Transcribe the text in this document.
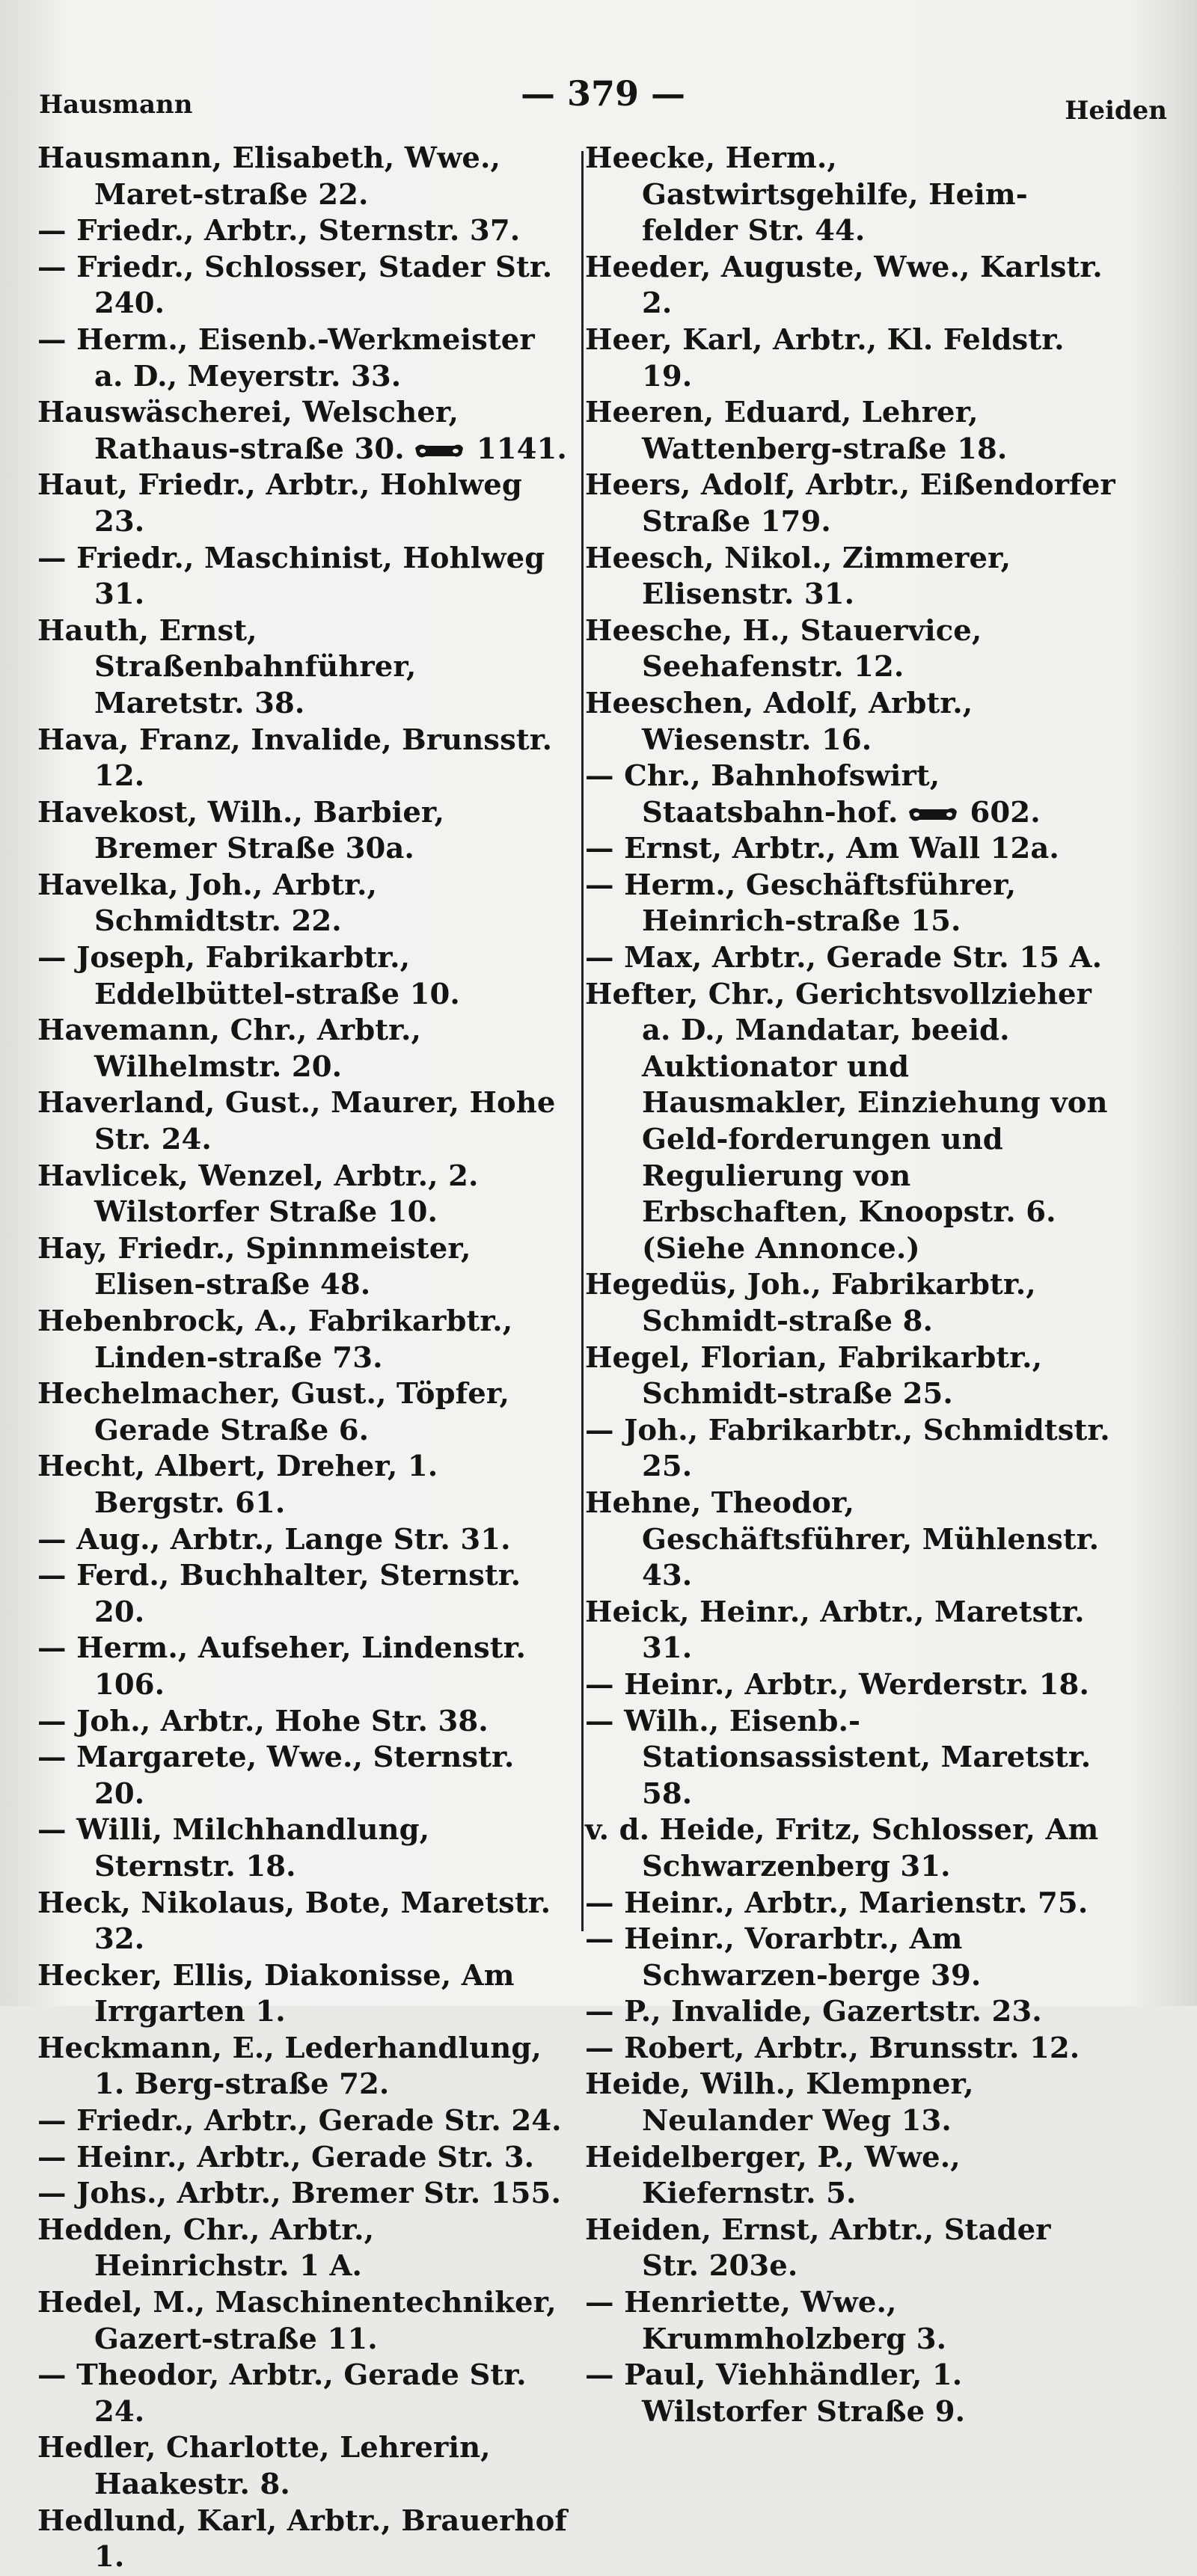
Hausmann	— 379 —	Heiden

Hausmann, Elisabeth, Wwe., Maret-straße 22.

— Friedr., Arbtr., Sternstr. 37.

— Friedr., Schlosser, Stader Str. 240.

— Herm., Eisenb.-Werkmeister a. D., Meyerstr. 33.

Hauswäscherei, Welscher, Rathaus-straße 30. 1141.

Haut, Friedr., Arbtr., Hohlweg 23.

— Friedr., Maschinist, Hohlweg 31.

Hauth, Ernst, Straßenbahnführer, Maretstr. 38.

Hava, Franz, Invalide, Brunsstr. 12.

Havekost, Wilh., Barbier, Bremer Straße 30a.

Havelka, Joh., Arbtr., Schmidtstr. 22.

— Joseph, Fabrikarbtr., Eddelbüttel-straße 10.

Havemann, Chr., Arbtr., Wilhelmstr. 20.

Haverland, Gust., Maurer, Hohe Str. 24.

Havlicek, Wenzel, Arbtr., 2. Wilstorfer Straße 10.

Hay, Friedr., Spinnmeister, Elisen-straße 48.

Hebenbrock, A., Fabrikarbtr., Linden-straße 73.

Hechelmacher, Gust., Töpfer, Gerade Straße 6.

Hecht, Albert, Dreher, 1. Bergstr. 61.

— Aug., Arbtr., Lange Str. 31.

— Ferd., Buchhalter, Sternstr. 20.

— Herm., Aufseher, Lindenstr. 106.

— Joh., Arbtr., Hohe Str. 38.

— Margarete, Wwe., Sternstr. 20.

— Willi, Milchhandlung, Sternstr. 18.

Heck, Nikolaus, Bote, Maretstr. 32.

Hecker, Ellis, Diakonisse, Am Irrgarten 1.

Heckmann, E., Lederhandlung, 1. Berg-straße 72.

— Friedr., Arbtr., Gerade Str. 24.

— Heinr., Arbtr., Gerade Str. 3.

— Johs., Arbtr., Bremer Str. 155.

Hedden, Chr., Arbtr., Heinrichstr. 1 A.

Hedel, M., Maschinentechniker, Gazert-straße 11.

— Theodor, Arbtr., Gerade Str. 24.

Hedler, Charlotte, Lehrerin, Haakestr. 8.

Hedlund, Karl, Arbtr., Brauerhof 1.

Heecke, Herm., Gastwirtsgehilfe, Heim-felder Str. 44.

Heeder, Auguste, Wwe., Karlstr. 2.

Heer, Karl, Arbtr., Kl. Feldstr. 19.

Heeren, Eduard, Lehrer, Wattenberg-straße 18.

Heers, Adolf, Arbtr., Eißendorfer Straße 179.

Heesch, Nikol., Zimmerer, Elisenstr. 31.

Heesche, H., Stauervice, Seehafenstr. 12.

Heeschen, Adolf, Arbtr., Wiesenstr. 16.

— Chr., Bahnhofswirt, Staatsbahn-hof. 602.

— Ernst, Arbtr., Am Wall 12a.

— Herm., Geschäftsführer, Heinrich-straße 15.

— Max, Arbtr., Gerade Str. 15 A.

Hefter, Chr., Gerichtsvollzieher a. D., Mandatar, beeid. Auktionator und Hausmakler, Einziehung von Geld-forderungen und Regulierung von Erbschaften, Knoopstr. 6. (Siehe Annonce.)

Hegedüs, Joh., Fabrikarbtr., Schmidt-straße 8.

Hegel, Florian, Fabrikarbtr., Schmidt-straße 25.

— Joh., Fabrikarbtr., Schmidtstr. 25.

Hehne, Theodor, Geschäftsführer, Mühlenstr. 43.

Heick, Heinr., Arbtr., Maretstr. 31.

— Heinr., Arbtr., Werderstr. 18.

— Wilh., Eisenb.-Stationsassistent, Maretstr. 58.

v. d. Heide, Fritz, Schlosser, Am Schwarzenberg 31.

— Heinr., Arbtr., Marienstr. 75.

— Heinr., Vorarbtr., Am Schwarzen-berge 39.

— P., Invalide, Gazertstr. 23.

— Robert, Arbtr., Brunsstr. 12.

Heide, Wilh., Klempner, Neulander Weg 13.

Heidelberger, P., Wwe., Kiefernstr. 5.

Heiden, Ernst, Arbtr., Stader Str. 203e.

— Henriette, Wwe., Krummholzberg 3.

— Paul, Viehhändler, 1. Wilstorfer Straße 9.
